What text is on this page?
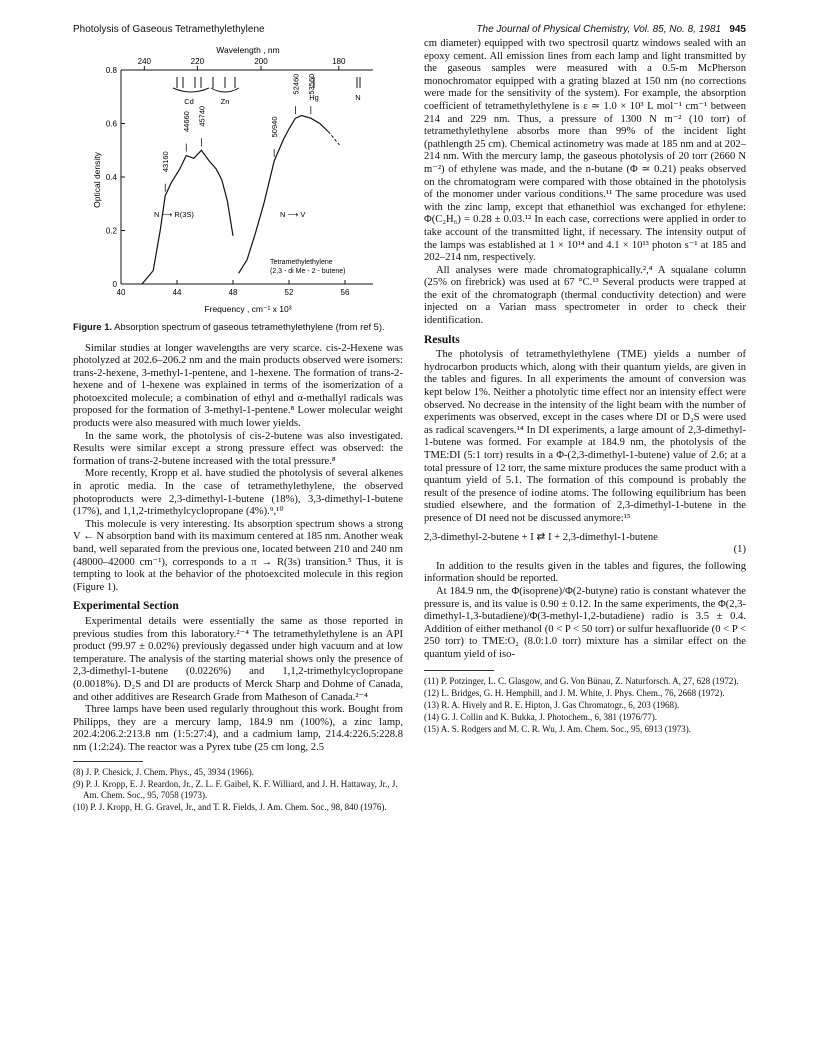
Photolysis of Gaseous Tetramethylethylene	The Journal of Physical Chemistry, Vol. 85, No. 8, 1981 945
Wavelength , nm
240	220	200	180
40	44	48	52	56
0
0.2
0.4
0.6
0.8
Optical density
Frequency , cm⁻¹ x 10³
Cd	Zn	Hg	N
43160
44660 45740
50940
52460 53560
N ⟶ R(3S)	N ⟶ V
Tetramethylethylene
(2,3 - di Me - 2 - butene)

Figure 1. Absorption spectrum of gaseous tetramethylethylene (from ref 5).

Similar studies at longer wavelengths are very scarce. cis-2-Hexene was photolyzed at 202.6–206.2 nm and the main products observed were isomers: trans-2-hexene, 3-methyl-1-pentene, and 1-hexene. The formation of trans-2-hexene and of 1-hexene was explained in terms of the isomerization of a photoexcited molecule; a combination of ethyl and α-methallyl radicals was proposed for the formation of 3-methyl-1-pentene.⁸ Lower molecular weight products were also measured with much lower yields.

In the same work, the photolysis of cis-2-butene was also investigated. Results were similar except a strong pressure effect was observed: the formation of trans-2-butene increased with the total pressure.⁸

More recently, Kropp et al. have studied the photolysis of several alkenes in aprotic media. In the case of tetramethylethylene, the observed photoproducts were 2,3-dimethyl-1-butene (18%), 3,3-dimethyl-1-butene (17%), and 1,1,2-trimethylcyclopropane (4%).⁹,¹⁰

This molecule is very interesting. Its absorption spectrum shows a strong V ← N absorption band with its maximum centered at 185 nm. Another weak band, well separated from the previous one, located between 210 and 240 nm (48000–42000 cm⁻¹), corresponds to a π → R(3s) transition.⁵ Thus, it is tempting to look at the behavior of the photoexcited molecule in this region (Figure 1).

Experimental Section

Experimental details were essentially the same as those reported in previous studies from this laboratory.²⁻⁴ The tetramethylethylene is an API product (99.97 ± 0.02%) previously degassed under high vacuum and at low temperature. The analysis of the starting material shows only the presence of 2,3-dimethyl-1-butene (0.0226%) and 1,1,2-trimethylcyclopropane (0.0018%). D₂S and DI are products of Merck Sharp and Dohme of Canada, and other additives are Research Grade from Matheson of Canada.²⁻⁴

Three lamps have been used regularly throughout this work. Bought from Philipps, they are a mercury lamp, 184.9 nm (100%), a zinc lamp, 202.4:206.2:213.8 nm (1:5:27:4), and a cadmium lamp, 214.4:226.5:228.8 nm (1:2:24). The reactor was a Pyrex tube (25 cm long, 2.5

(8) J. P. Chesick, J. Chem. Phys., 45, 3934 (1966).

(9) P. J. Kropp, E. J. Reardon, Jr., Z. L. F. Gaibel, K. F. Williard, and J. H. Hattaway, Jr., J. Am. Chem. Soc., 95, 7058 (1973).

(10) P. J. Kropp, H. G. Gravel, Jr., and T. R. Fields, J. Am. Chem. Soc., 98, 840 (1976).

cm diameter) equipped with two spectrosil quartz windows sealed with an epoxy cement. All emission lines from each lamp and light transmitted by the gaseous samples were measured with a 0.5-m McPherson monochromator equipped with a grating blazed at 150 nm (no corrections were made for the sensitivity of the system). For example, the absorption coefficient of tetramethylethylene is ε ≃ 1.0 × 10³ L mol⁻¹ cm⁻¹ between 214 and 229 nm. Thus, a pressure of 1300 N m⁻² (10 torr) of tetramethylethylene absorbs more than 99% of the incident light (pathlength 25 cm). Chemical actinometry was made at 185 nm and at 202–214 nm. With the mercury lamp, the gaseous photolysis of 20 torr (2660 N m⁻²) of ethylene was made, and the n-butane (Φ ≃ 0.21) peaks observed on the chromatogram were compared with those obtained in the photolysis of the monomer under various conditions.¹¹ The same procedure was used with the zinc lamp, except that ethanethiol was exchanged for ethylene: Φ(C₂H₆) = 0.28 ± 0.03.¹² In each case, corrections were applied in order to take account of the transmitted light, if necessary. The intensity output of the lamps was established at 1 × 10¹⁴ and 4.1 × 10¹³ photon s⁻¹ at 185 and 202–214 nm, respectively.

All analyses were made chromatographically.²,⁴ A squalane column (25% on firebrick) was used at 67 °C.¹³ Several products were trapped at the exit of the chromatograph (thermal conductivity detection) and were injected on a Varian mass spectrometer in order to check their identification.

Results

The photolysis of tetramethylethylene (TME) yields a number of hydrocarbon products which, along with their quantum yields, are given in the tables and figures. In all experiments the amount of conversion was kept below 1%. Neither a photolytic time effect nor an intensity effect were observed. No decrease in the intensity of the light beam with the number of experiments was observed, except in the cases where DI or D₂S were used as radical scavengers.¹⁴ In DI experiments, a large amount of 2,3-dimethyl-1-butene was formed. For example at 184.9 nm, the photolysis of the TME:DI (5:1 torr) results in a Φ-(2,3-dimethyl-1-butene) value of 2.6; at a total pressure of 12 torr, the same mixture produces the same product with a quantum yield of 5.1. The formation of this compound is probably the result of the presence of iodine atoms. The following equilibrium has been studied elsewhere, and the formation of 2,3-dimethyl-1-butene in the presence of DI need not be discussed anymore:¹⁵

2,3-dimethyl-2-butene + I ⇄ I + 2,3-dimethyl-1-butene
(1)

In addition to the results given in the tables and figures, the following information should be reported.

At 184.9 nm, the Φ(isoprene)/Φ(2-butyne) ratio is constant whatever the pressure is, and its value is 0.90 ± 0.12. In the same experiments, the Φ(2,3-dimethyl-1,3-butadiene)/Φ(3-methyl-1,2-butadiene) radio is 3.5 ± 0.4. Addition of either methanol (0 < P < 50 torr) or sulfur hexafluoride (0 < P < 250 torr) to TME:O₂ (8.0:1.0 torr) mixture has a similar effect on the quantum yield of iso-

(11) P. Potzinger, L. C. Glasgow, and G. Von Bünau, Z. Naturforsch. A, 27, 628 (1972).

(12) L. Bridges, G. H. Hemphill, and J. M. White, J. Phys. Chem., 76, 2668 (1972).

(13) R. A. Hively and R. E. Hipton, J. Gas Chromatogr., 6, 203 (1968).

(14) G. J. Collin and K. Bukka, J. Photochem., 6, 381 (1976/77).

(15) A. S. Rodgers and M. C. R. Wu, J. Am. Chem. Soc., 95, 6913 (1973).
